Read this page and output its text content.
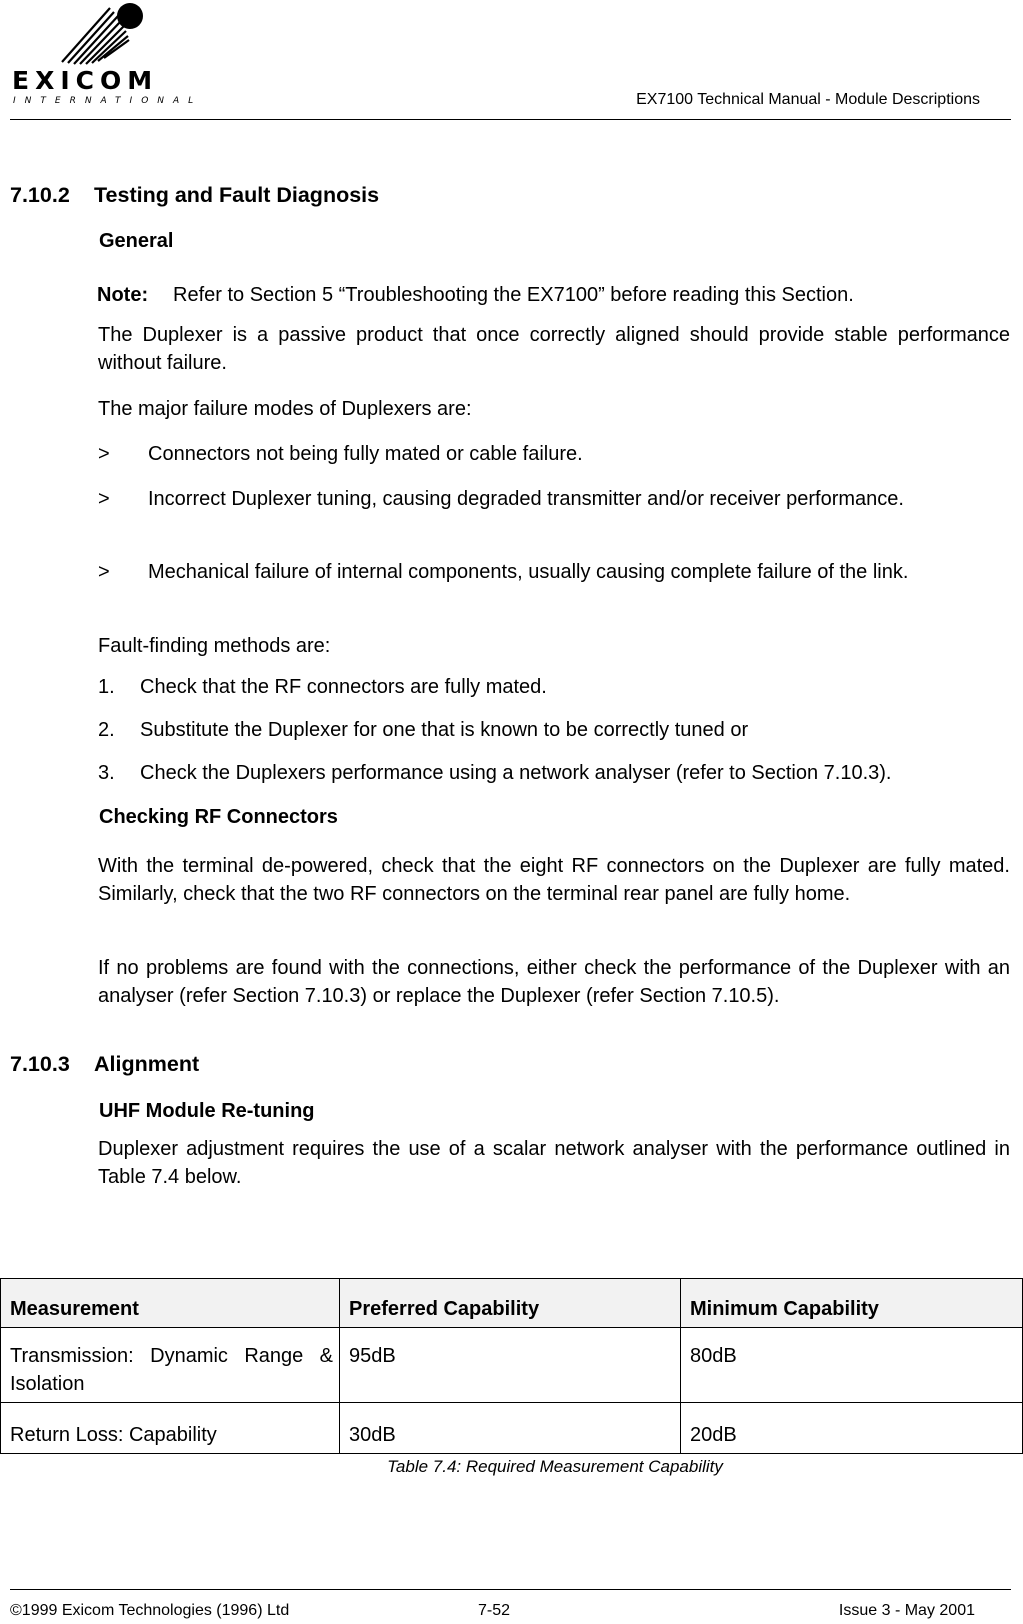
EXICOM
INTERNATIONAL	EX7100 Technical Manual - Module Descriptions
7.10.2 Testing and Fault Diagnosis
General
Note: Refer to Section 5 “Troubleshooting the EX7100” before reading this Section.
The Duplexer is a passive product that once correctly aligned should provide stable performance without failure.
The major failure modes of Duplexers are:
> Connectors not being fully mated or cable failure.
> Incorrect Duplexer tuning, causing degraded transmitter and/or receiver performance.
> Mechanical failure of internal components, usually causing complete failure of the link.
Fault-finding methods are:
1. Check that the RF connectors are fully mated.
2. Substitute the Duplexer for one that is known to be correctly tuned or
3. Check the Duplexers performance using a network analyser (refer to Section 7.10.3).
Checking RF Connectors
With the terminal de-powered, check that the eight RF connectors on the Duplexer are fully mated. Similarly, check that the two RF connectors on the terminal rear panel are fully home.
If no problems are found with the connections, either check the performance of the Duplexer with an analyser (refer Section 7.10.3) or replace the Duplexer (refer Section 7.10.5).
7.10.3 Alignment
UHF Module Re-tuning
Duplexer adjustment requires the use of a scalar network analyser with the performance outlined in Table 7.4 below.
Measurement	Preferred Capability	Minimum Capability
Transmission: Dynamic Range & Isolation	95dB	80dB
Return Loss: Capability	30dB	20dB
Table 7.4: Required Measurement Capability
©1999 Exicom Technologies (1996) Ltd	7-52	Issue 3 - May 2001
